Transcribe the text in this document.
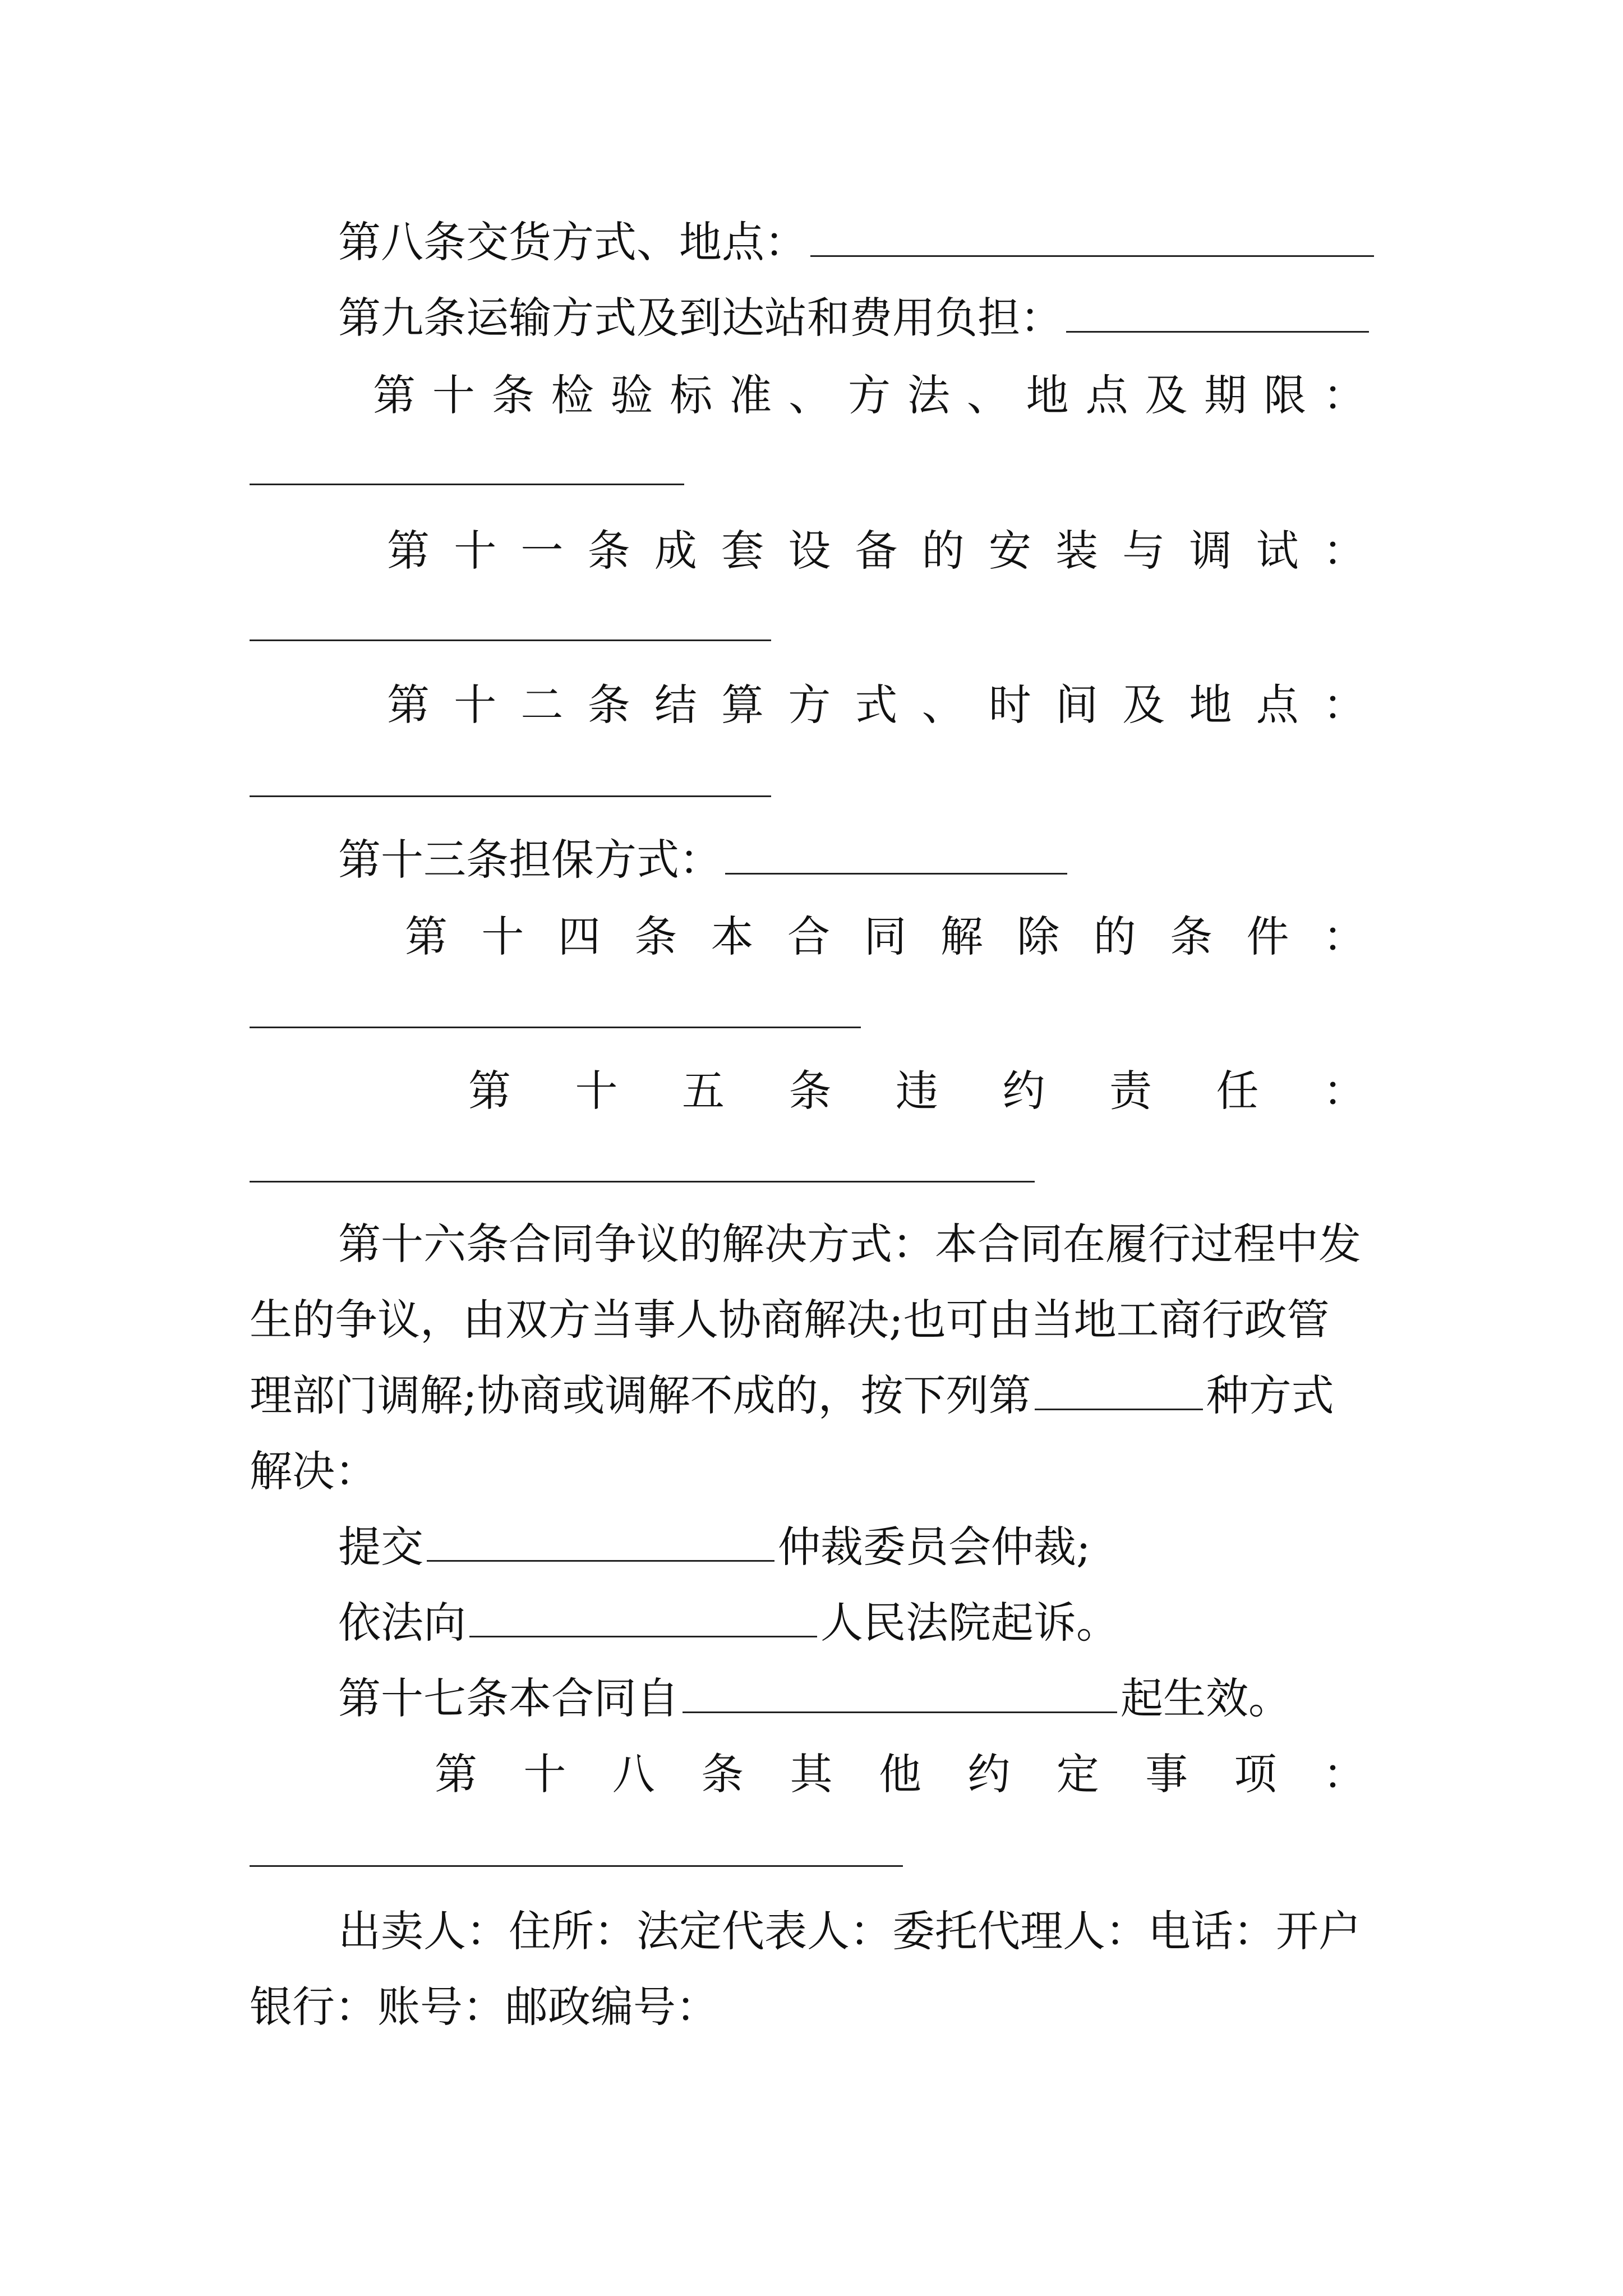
第八条交货方式、地点：
第九条运输方式及到达站和费用负担：
第 十 条 检 验 标 准 、 方 法 、 地 点 及 期 限 ：
第 十 一 条 成 套 设 备 的 安 装 与 调 试 ：
第 十 二 条 结 算 方 式 、 时 间 及 地 点 ：
第十三条担保方式：
第 十 四 条 本 合 同 解 除 的 条 件 ：
第 十 五 条 违 约 责 任 ：
第十六条合同争议的解决方式：本合同在履行过程中发
生的争议，由双方当事人协商解决;也可由当地工商行政管
理部门调解;协商或调解不成的，按下列第	种方式
解决：
提交	仲裁委员会仲裁;
依法向	人民法院起诉。
第十七条本合同自	起生效。
第 十 八 条 其 他 约 定 事 项 ：
出卖人：住所：法定代表人：委托代理人：电话：开户
银行：账号：邮政编号：
